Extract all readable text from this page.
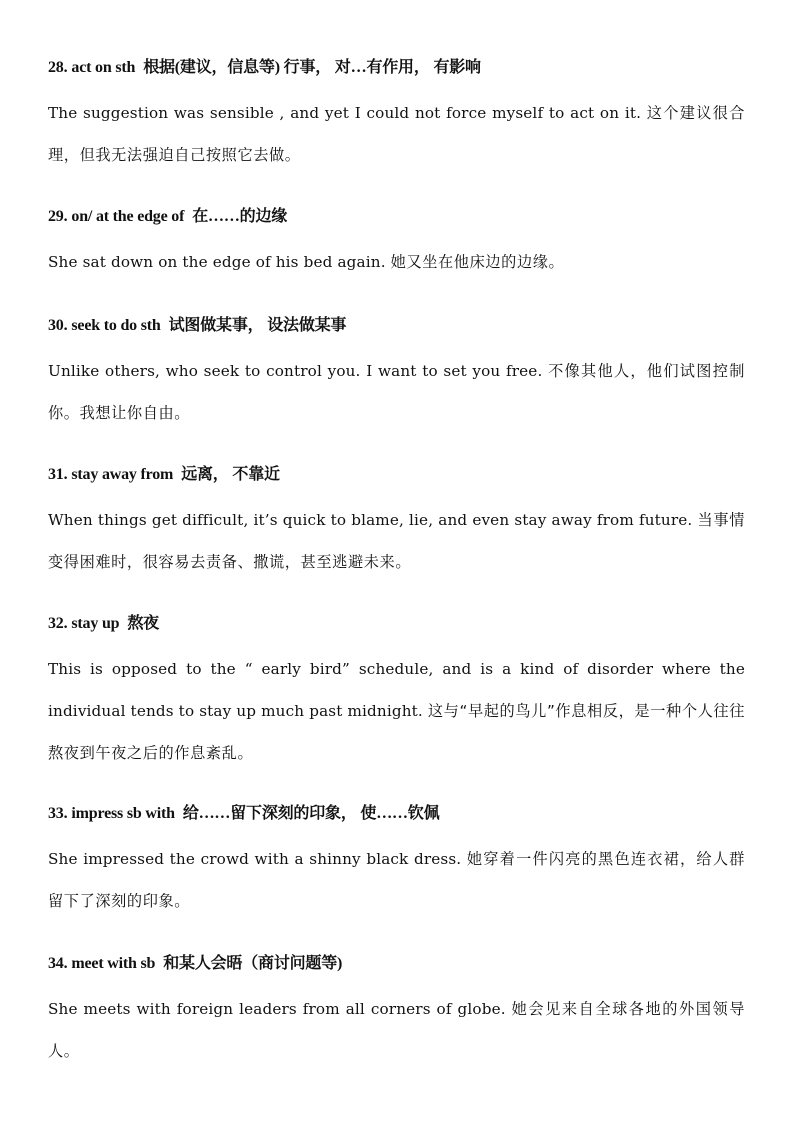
28. act on sth 根据(建议，信息等) 行事， 对…有作用， 有影响
The suggestion was sensible , and yet I could not force myself to act on it. 这个建议很合理，但我无法强迫自己按照它去做。
29. on/ at the edge of 在……的边缘
She sat down on the edge of his bed again. 她又坐在他床边的边缘。
30. seek to do sth 试图做某事， 设法做某事
Unlike others, who seek to control you. I want to set you free. 不像其他人，他们试图控制你。我想让你自由。
31. stay away from 远离， 不靠近
When things get difficult, it’s quick to blame, lie, and even stay away from future. 当事情变得困难时，很容易去责备、撒谎，甚至逃避未来。
32. stay up 熬夜
This is opposed to the “ early bird” schedule, and is a kind of disorder where the individual tends to stay up much past midnight. 这与“早起的鸟儿”作息相反，是一种个人往往熬夜到午夜之后的作息紊乱。
33. impress sb with 给……留下深刻的印象， 使……钦佩
She impressed the crowd with a shinny black dress. 她穿着一件闪亮的黑色连衣裙，给人群留下了深刻的印象。
34. meet with sb 和某人会晤（商讨问题等)
She meets with foreign leaders from all corners of globe. 她会见来自全球各地的外国领导人。
